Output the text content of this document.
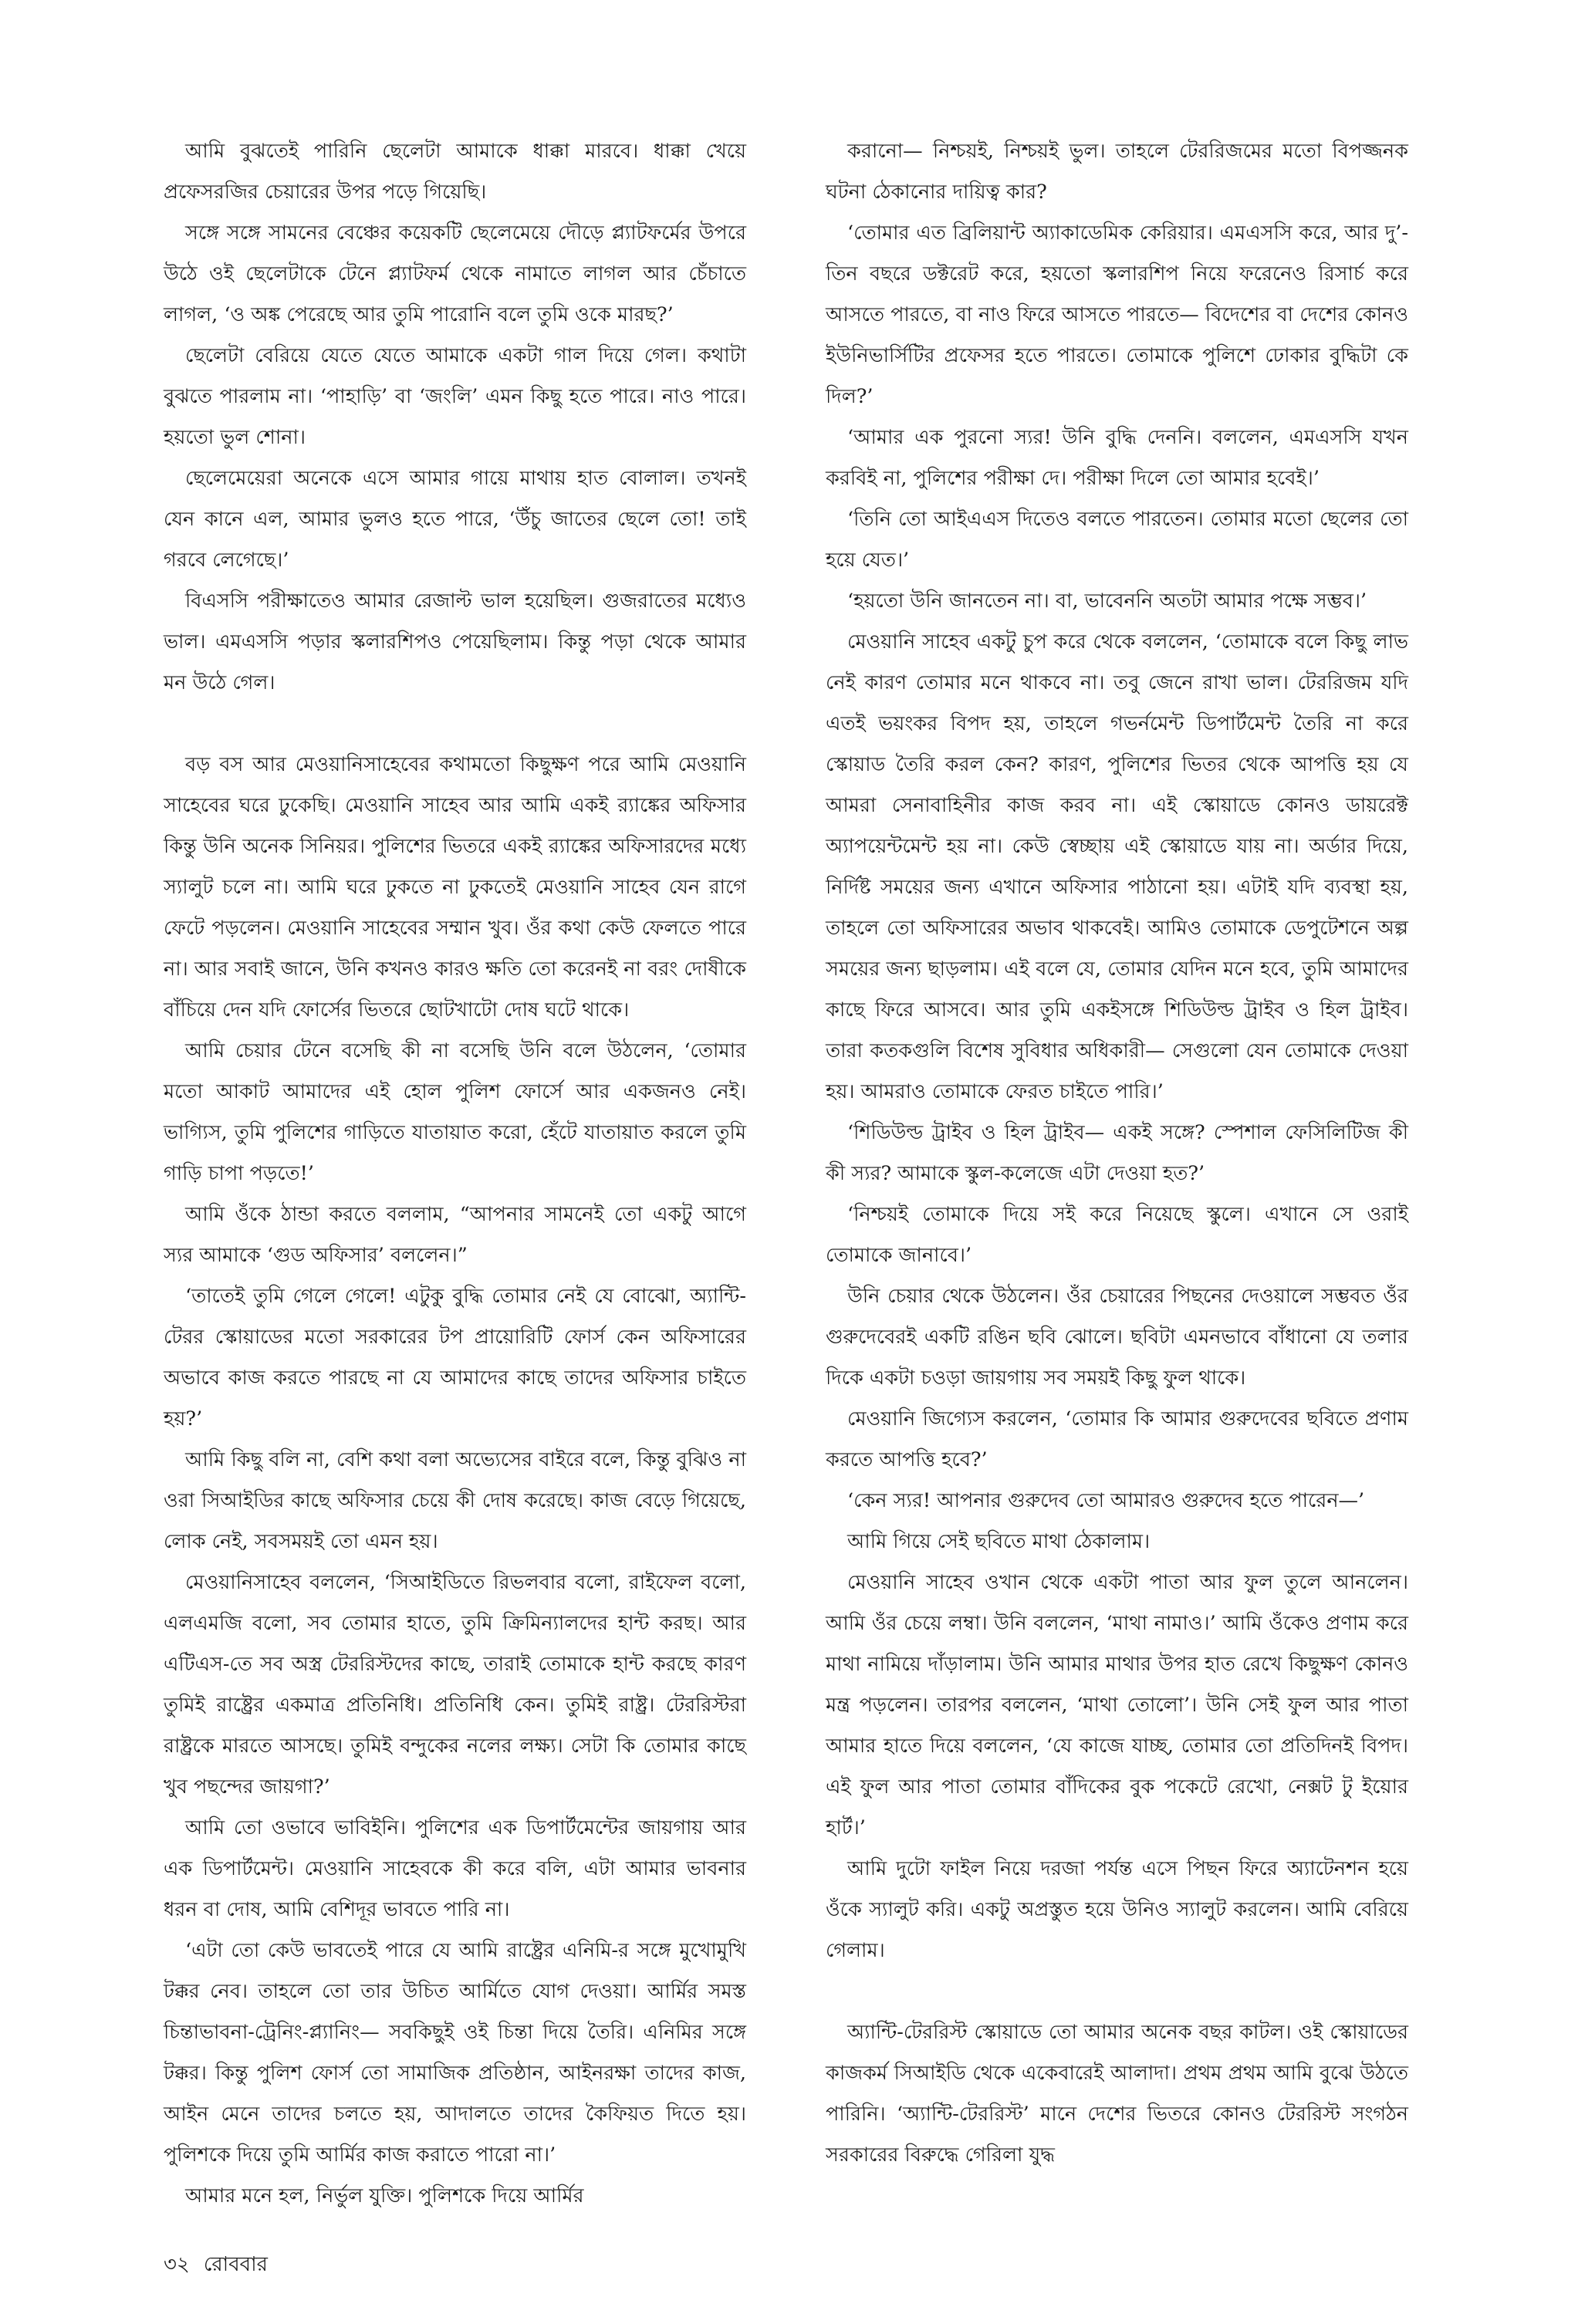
আমি বুঝতেই পারিনি ছেলেটা আমাকে ধাক্কা মারবে। ধাক্কা খেয়ে প্রফেসরজির চেয়ারের উপর পড়ে গিয়েছি।

সঙ্গে সঙ্গে সামনের বেঞ্চের কয়েকটি ছেলেমেয়ে দৌড়ে প্ল্যাটফর্মের উপরে উঠে ওই ছেলেটাকে টেনে প্ল্যাটফর্ম থেকে নামাতে লাগল আর চেঁচাতে লাগল, ‘ও অঙ্ক পেরেছে আর তুমি পারোনি বলে তুমি ওকে মারছ?’

ছেলেটা বেরিয়ে যেতে যেতে আমাকে একটা গাল দিয়ে গেল। কথাটা বুঝতে পারলাম না। ‘পাহাড়ি’ বা ‘জংলি’ এমন কিছু হতে পারে। নাও পারে। হয়তো ভুল শোনা।

ছেলেমেয়েরা অনেকে এসে আমার গায়ে মাথায় হাত বোলাল। তখনই যেন কানে এল, আমার ভুলও হতে পারে, ‘উঁচু জাতের ছেলে তো! তাই গরবে লেগেছে।’

বিএসসি পরীক্ষাতেও আমার রেজাল্ট ভাল হয়েছিল। গুজরাতের মধ্যেও ভাল। এমএসসি পড়ার স্কলারশিপও পেয়েছিলাম। কিন্তু পড়া থেকে আমার মন উঠে গেল।

বড় বস আর মেওয়ানিসাহেবের কথামতো কিছুক্ষণ পরে আমি মেওয়ানি সাহেবের ঘরে ঢুকেছি। মেওয়ানি সাহেব আর আমি একই র‍্যাঙ্কের অফিসার কিন্তু উনি অনেক সিনিয়র। পুলিশের ভিতরে একই র‍্যাঙ্কের অফিসারদের মধ্যে স্যালুট চলে না। আমি ঘরে ঢুকতে না ঢুকতেই মেওয়ানি সাহেব যেন রাগে ফেটে পড়লেন। মেওয়ানি সাহেবের সম্মান খুব। ওঁর কথা কেউ ফেলতে পারে না। আর সবাই জানে, উনি কখনও কারও ক্ষতি তো করেনই না বরং দোষীকে বাঁচিয়ে দেন যদি ফোর্সের ভিতরে ছোটখাটো দোষ ঘটে থাকে।

আমি চেয়ার টেনে বসেছি কী না বসেছি উনি বলে উঠলেন, ‘তোমার মতো আকাট আমাদের এই হোল পুলিশ ফোর্সে আর একজনও নেই। ভাগ্যিস, তুমি পুলিশের গাড়িতে যাতায়াত করো, হেঁটে যাতায়াত করলে তুমি গাড়ি চাপা পড়তে!’

আমি ওঁকে ঠান্ডা করতে বললাম, “আপনার সামনেই তো একটু আগে স্যর আমাকে ‘গুড অফিসার’ বললেন।”

‘তাতেই তুমি গেলে গেলে! এটুকু বুদ্ধি তোমার নেই যে বোঝো, অ্যান্টি-টেরর স্কোয়াডের মতো সরকারের টপ প্রায়োরিটি ফোর্স কেন অফিসারের অভাবে কাজ করতে পারছে না যে আমাদের কাছে তাদের অফিসার চাইতে হয়?’

আমি কিছু বলি না, বেশি কথা বলা অভ্যেসের বাইরে বলে, কিন্তু বুঝিও না ওরা সিআইডির কাছে অফিসার চেয়ে কী দোষ করেছে। কাজ বেড়ে গিয়েছে, লোক নেই, সবসময়ই তো এমন হয়।

মেওয়ানিসাহেব বললেন, ‘সিআইডিতে রিভলবার বলো, রাইফেল বলো, এলএমজি বলো, সব তোমার হাতে, তুমি ক্রিমিন্যালদের হান্ট করছ। আর এটিএস-তে সব অস্ত্র টেররিস্টদের কাছে, তারাই তোমাকে হান্ট করছে কারণ তুমিই রাষ্ট্রের একমাত্র প্রতিনিধি। প্রতিনিধি কেন। তুমিই রাষ্ট্র। টেররিস্টরা রাষ্ট্রকে মারতে আসছে। তুমিই বন্দুকের নলের লক্ষ্য। সেটা কি তোমার কাছে খুব পছন্দের জায়গা?’

আমি তো ওভাবে ভাবিইনি। পুলিশের এক ডিপার্টমেন্টের জায়গায় আর এক ডিপার্টমেন্ট। মেওয়ানি সাহেবকে কী করে বলি, এটা আমার ভাবনার ধরন বা দোষ, আমি বেশিদূর ভাবতে পারি না।

‘এটা তো কেউ ভাবতেই পারে যে আমি রাষ্ট্রের এনিমি-র সঙ্গে মুখোমুখি টক্কর নেব। তাহলে তো তার উচিত আর্মিতে যোগ দেওয়া। আর্মির সমস্ত চিন্তাভাবনা-ট্রেনিং-প্ল্যানিং— সবকিছুই ওই চিন্তা দিয়ে তৈরি। এনিমির সঙ্গে টক্কর। কিন্তু পুলিশ ফোর্স তো সামাজিক প্রতিষ্ঠান, আইনরক্ষা তাদের কাজ, আইন মেনে তাদের চলতে হয়, আদালতে তাদের কৈফিয়ত দিতে হয়। পুলিশকে দিয়ে তুমি আর্মির কাজ করাতে পারো না।’

আমার মনে হল, নির্ভুল যুক্তি। পুলিশকে দিয়ে আর্মির

করানো— নিশ্চয়ই, নিশ্চয়ই ভুল। তাহলে টেররিজমের মতো বিপজ্জনক ঘটনা ঠেকানোর দায়িত্ব কার?

‘তোমার এত ব্রিলিয়ান্ট অ্যাকাডেমিক কেরিয়ার। এমএসসি করে, আর দু’-তিন বছরে ডক্টরেট করে, হয়তো স্কলারশিপ নিয়ে ফরেনেও রিসার্চ করে আসতে পারতে, বা নাও ফিরে আসতে পারতে— বিদেশের বা দেশের কোনও ইউনিভার্সিটির প্রফেসর হতে পারতে। তোমাকে পুলিশে ঢোকার বুদ্ধিটা কে দিল?’

‘আমার এক পুরনো স্যর! উনি বুদ্ধি দেননি। বললেন, এমএসসি যখন করবিই না, পুলিশের পরীক্ষা দে। পরীক্ষা দিলে তো আমার হবেই।’

‘তিনি তো আইএএস দিতেও বলতে পারতেন। তোমার মতো ছেলের তো হয়ে যেত।’

‘হয়তো উনি জানতেন না। বা, ভাবেননি অতটা আমার পক্ষে সম্ভব।’

মেওয়ানি সাহেব একটু চুপ করে থেকে বললেন, ‘তোমাকে বলে কিছু লাভ নেই কারণ তোমার মনে থাকবে না। তবু জেনে রাখা ভাল। টেররিজম যদি এতই ভয়ংকর বিপদ হয়, তাহলে গভর্নমেন্ট ডিপার্টমেন্ট তৈরি না করে স্কোয়াড তৈরি করল কেন? কারণ, পুলিশের ভিতর থেকে আপত্তি হয় যে আমরা সেনাবাহিনীর কাজ করব না। এই স্কোয়াডে কোনও ডায়রেক্ট অ্যাপয়েন্টমেন্ট হয় না। কেউ স্বেচ্ছায় এই স্কোয়াডে যায় না। অর্ডার দিয়ে, নির্দিষ্ট সময়ের জন্য এখানে অফিসার পাঠানো হয়। এটাই যদি ব্যবস্থা হয়, তাহলে তো অফিসারের অভাব থাকবেই। আমিও তোমাকে ডেপুটেশনে অল্প সময়ের জন্য ছাড়লাম। এই বলে যে, তোমার যেদিন মনে হবে, তুমি আমাদের কাছে ফিরে আসবে। আর তুমি একইসঙ্গে শিডিউল্ড ট্রাইব ও হিল ট্রাইব। তারা কতকগুলি বিশেষ সুবিধার অধিকারী— সেগুলো যেন তোমাকে দেওয়া হয়। আমরাও তোমাকে ফেরত চাইতে পারি।’

‘শিডিউল্ড ট্রাইব ও হিল ট্রাইব— একই সঙ্গে? স্পেশাল ফেসিলিটিজ কী কী স্যর? আমাকে স্কুল-কলেজে এটা দেওয়া হত?’

‘নিশ্চয়ই তোমাকে দিয়ে সই করে নিয়েছে স্কুলে। এখানে সে ওরাই তোমাকে জানাবে।’

উনি চেয়ার থেকে উঠলেন। ওঁর চেয়ারের পিছনের দেওয়ালে সম্ভবত ওঁর গুরুদেবেরই একটি রঙিন ছবি ঝোলে। ছবিটা এমনভাবে বাঁধানো যে তলার দিকে একটা চওড়া জায়গায় সব সময়ই কিছু ফুল থাকে।

মেওয়ানি জিগ্যেস করলেন, ‘তোমার কি আমার গুরুদেবের ছবিতে প্রণাম করতে আপত্তি হবে?’

‘কেন স্যর! আপনার গুরুদেব তো আমারও গুরুদেব হতে পারেন—’

আমি গিয়ে সেই ছবিতে মাথা ঠেকালাম।

মেওয়ানি সাহেব ওখান থেকে একটা পাতা আর ফুল তুলে আনলেন। আমি ওঁর চেয়ে লম্বা। উনি বললেন, ‘মাথা নামাও।’ আমি ওঁকেও প্রণাম করে মাথা নামিয়ে দাঁড়ালাম। উনি আমার মাথার উপর হাত রেখে কিছুক্ষণ কোনও মন্ত্র পড়লেন। তারপর বললেন, ‘মাথা তোলো’। উনি সেই ফুল আর পাতা আমার হাতে দিয়ে বললেন, ‘যে কাজে যাচ্ছ, তোমার তো প্রতিদিনই বিপদ। এই ফুল আর পাতা তোমার বাঁদিকের বুক পকেটে রেখো, নেক্সট টু ইয়োর হার্ট।’

আমি দুটো ফাইল নিয়ে দরজা পর্যন্ত এসে পিছন ফিরে অ্যাটেনশন হয়ে ওঁকে স্যালুট করি। একটু অপ্রস্তুত হয়ে উনিও স্যালুট করলেন। আমি বেরিয়ে গেলাম।

অ্যান্টি-টেররিস্ট স্কোয়াডে তো আমার অনেক বছর কাটল। ওই স্কোয়াডের কাজকর্ম সিআইডি থেকে একেবারেই আলাদা। প্রথম প্রথম আমি বুঝে উঠতে পারিনি। ‘অ্যান্টি-টেররিস্ট’ মানে দেশের ভিতরে কোনও টেররিস্ট সংগঠন সরকারের বিরুদ্ধে গেরিলা যুদ্ধ

৩২ রোববার
